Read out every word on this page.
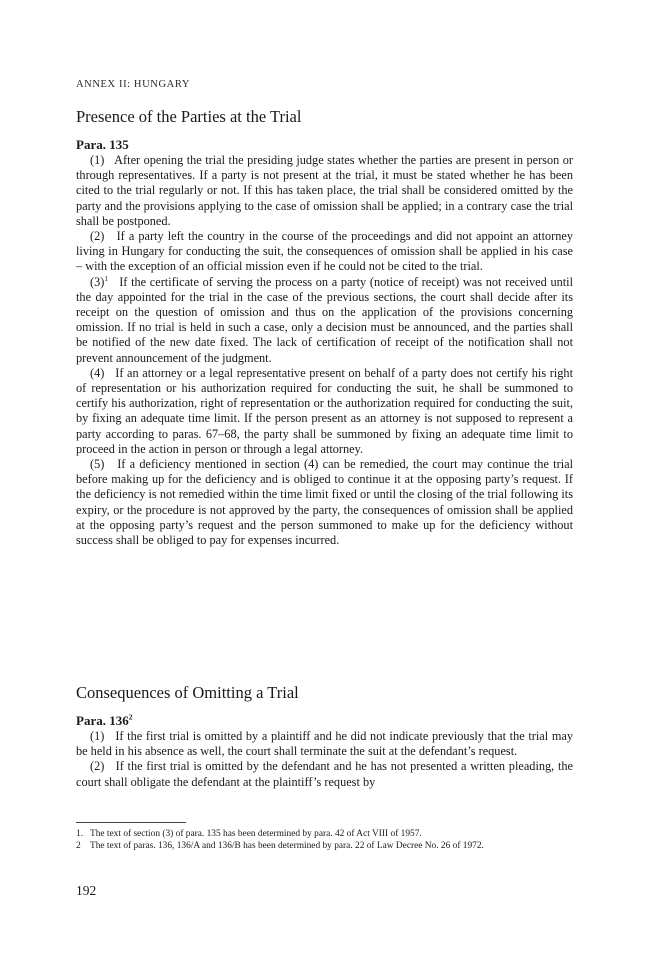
ANNEX II: HUNGARY
Presence of the Parties at the Trial
Para. 135

(1) After opening the trial the presiding judge states whether the parties are present in person or through representatives. If a party is not present at the trial, it must be stated whether he has been cited to the trial regularly or not. If this has taken place, the trial shall be considered omitted by the party and the provisions applying to the case of omission shall be applied; in a contrary case the trial shall be postponed.

(2) If a party left the country in the course of the proceedings and did not appoint an attorney living in Hungary for conducting the suit, the consequences of omission shall be applied in his case – with the exception of an official mission even if he could not be cited to the trial.

$(3)^1$ If the certificate of serving the process on a party (notice of receipt) was not received until the day appointed for the trial in the case of the previous sections, the court shall decide after its receipt on the question of omission and thus on the application of the provisions concerning omission. If no trial is held in such a case, only a decision must be announced, and the parties shall be notified of the new date fixed. The lack of certification of receipt of the notification shall not prevent announcement of the judgment.

(4) If an attorney or a legal representative present on behalf of a party does not certify his right of representation or his authorization required for conducting the suit, he shall be summoned to certify his authorization, right of representation or the authorization required for conducting the suit, by fixing an adequate time limit. If the person present as an attorney is not supposed to represent a party according to paras. 67–68, the party shall be summoned by fixing an adequate time limit to proceed in the action in person or through a legal attorney.

(5) If a deficiency mentioned in section (4) can be remedied, the court may continue the trial before making up for the deficiency and is obliged to continue it at the opposing party’s request. If the deficiency is not remedied within the time limit fixed or until the closing of the trial following its expiry, or the procedure is not approved by the party, the consequences of omission shall be applied at the opposing party’s request and the person summoned to make up for the deficiency without success shall be obliged to pay for expenses incurred.

Consequences of Omitting a Trial
Para. $136^2$

(1) If the first trial is omitted by a plaintiff and he did not indicate previously that the trial may be held in his absence as well, the court shall terminate the suit at the defendant’s request.

(2) If the first trial is omitted by the defendant and he has not presented a written pleading, the court shall obligate the defendant at the plaintiff’s request by

1. The text of section (3) of para. 135 has been determined by para. 42 of Act VIII of 1957.
2 The text of paras. 136, 136/A and 136/B has been determined by para. 22 of Law Decree No. 26 of 1972.
192
